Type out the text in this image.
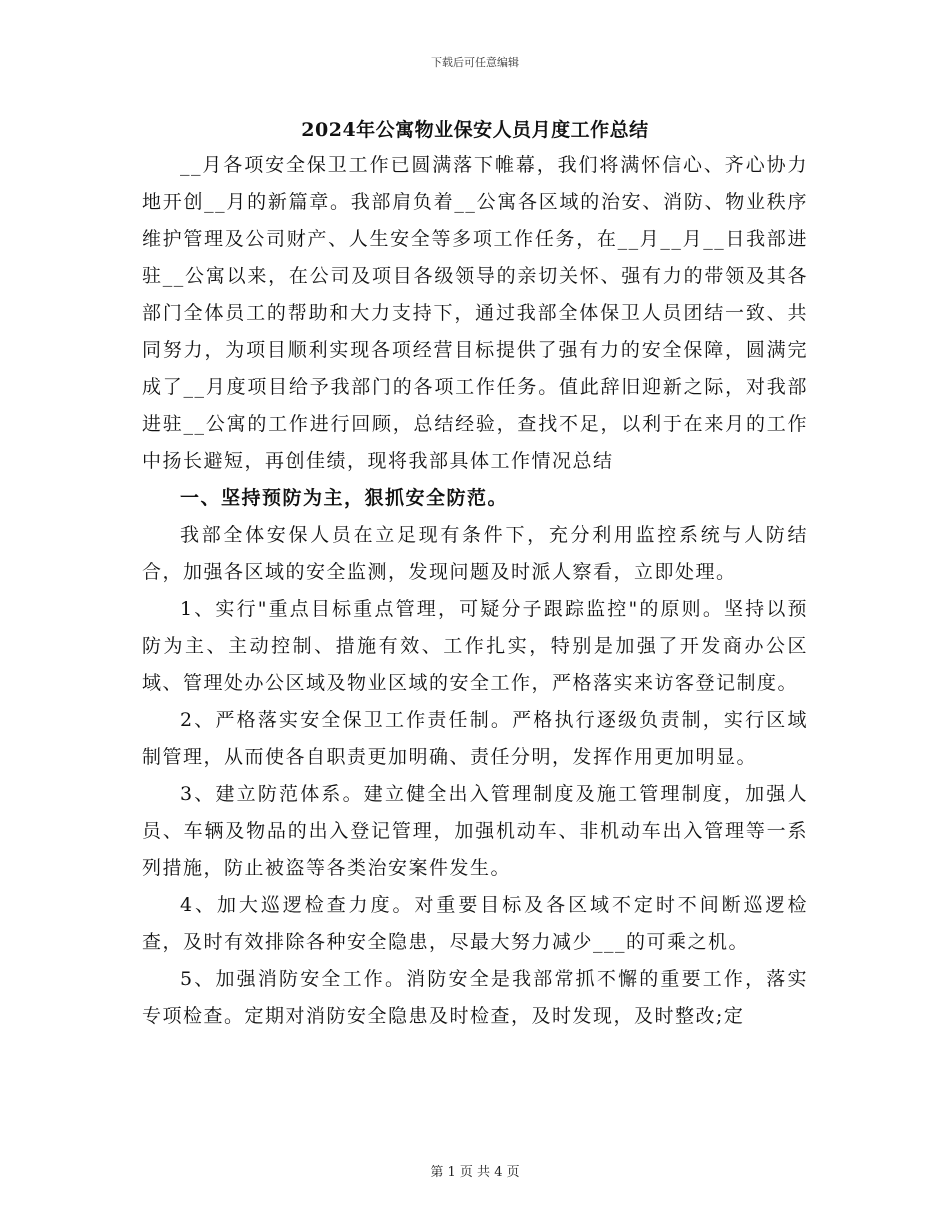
下载后可任意编辑
2024年公寓物业保安人员月度工作总结

__月各项安全保卫工作已圆满落下帷幕，我们将满怀信心、齐心协力地开创__月的新篇章。我部肩负着__公寓各区域的治安、消防、物业秩序维护管理及公司财产、人生安全等多项工作任务，在__月__月__日我部进驻__公寓以来，在公司及项目各级领导的亲切关怀、强有力的带领及其各部门全体员工的帮助和大力支持下，通过我部全体保卫人员团结一致、共同努力，为项目顺利实现各项经营目标提供了强有力的安全保障，圆满完成了__月度项目给予我部门的各项工作任务。值此辞旧迎新之际，对我部进驻__公寓的工作进行回顾，总结经验，查找不足，以利于在来月的工作中扬长避短，再创佳绩，现将我部具体工作情况总结

一、坚持预防为主，狠抓安全防范。

我部全体安保人员在立足现有条件下，充分利用监控系统与人防结合，加强各区域的安全监测，发现问题及时派人察看，立即处理。

1、实行"重点目标重点管理，可疑分子跟踪监控"的原则。坚持以预防为主、主动控制、措施有效、工作扎实，特别是加强了开发商办公区域、管理处办公区域及物业区域的安全工作，严格落实来访客登记制度。

2、严格落实安全保卫工作责任制。严格执行逐级负责制，实行区域制管理，从而使各自职责更加明确、责任分明，发挥作用更加明显。

3、建立防范体系。建立健全出入管理制度及施工管理制度，加强人员、车辆及物品的出入登记管理，加强机动车、非机动车出入管理等一系列措施，防止被盗等各类治安案件发生。

4、加大巡逻检查力度。对重要目标及各区域不定时不间断巡逻检查，及时有效排除各种安全隐患，尽最大努力减少___的可乘之机。

5、加强消防安全工作。消防安全是我部常抓不懈的重要工作，落实专项检查。定期对消防安全隐患及时检查，及时发现，及时整改;定

第 1 页 共 4 页
